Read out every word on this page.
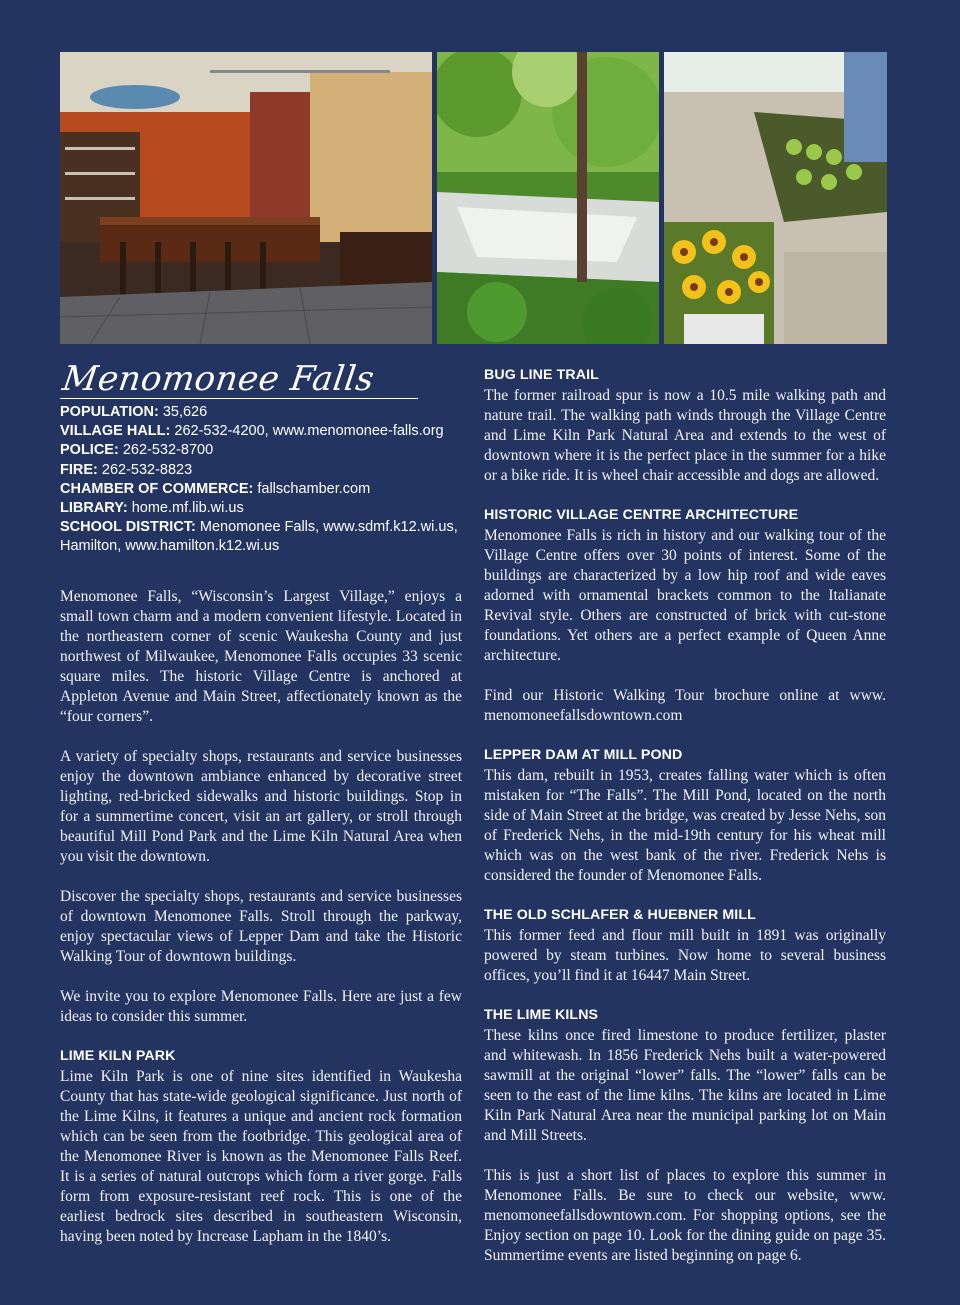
Menomonee Falls
POPULATION: 35,626
VILLAGE HALL: 262-532-4200, www.menomonee-falls.org
POLICE: 262-532-8700
FIRE: 262-532-8823
CHAMBER OF COMMERCE: fallschamber.com
LIBRARY: home.mf.lib.wi.us
SCHOOL DISTRICT: Menomonee Falls, www.sdmf.k12.wi.us, Hamilton, www.hamilton.k12.wi.us

Menomonee Falls, “Wisconsin’s Largest Village,” enjoys a small town charm and a modern convenient lifestyle. Located in the northeastern corner of scenic Waukesha County and just northwest of Milwaukee, Menomonee Falls occupies 33 scenic square miles. The historic Village Centre is anchored at Appleton Avenue and Main Street, affectionately known as the “four corners”.

A variety of specialty shops, restaurants and service businesses enjoy the downtown ambiance enhanced by decorative street lighting, red-bricked sidewalks and historic buildings. Stop in for a summertime concert, visit an art gallery, or stroll through beautiful Mill Pond Park and the Lime Kiln Natural Area when you visit the downtown.

Discover the specialty shops, restaurants and service businesses of downtown Menomonee Falls. Stroll through the parkway, enjoy spectacular views of Lepper Dam and take the Historic Walking Tour of downtown buildings.

We invite you to explore Menomonee Falls. Here are just a few ideas to consider this summer.

LIME KILN PARK

Lime Kiln Park is one of nine sites identified in Waukesha County that has state-wide geological significance. Just north of the Lime Kilns, it features a unique and ancient rock formation which can be seen from the footbridge. This geological area of the Menomonee River is known as the Menomonee Falls Reef. It is a series of natural outcrops which form a river gorge. Falls form from exposure-resistant reef rock. This is one of the earliest bedrock sites described in southeastern Wisconsin, having been noted by Increase Lapham in the 1840’s.

BUG LINE TRAIL

The former railroad spur is now a 10.5 mile walking path and nature trail. The walking path winds through the Village Centre and Lime Kiln Park Natural Area and extends to the west of downtown where it is the perfect place in the summer for a hike or a bike ride. It is wheel chair accessible and dogs are allowed.

HISTORIC VILLAGE CENTRE ARCHITECTURE

Menomonee Falls is rich in history and our walking tour of the Village Centre offers over 30 points of interest. Some of the buildings are characterized by a low hip roof and wide eaves adorned with ornamental brackets common to the Italianate Revival style. Others are constructed of brick with cut-stone foundations. Yet others are a perfect example of Queen Anne architecture.

Find our Historic Walking Tour brochure online at www. menomoneefallsdowntown.com

LEPPER DAM AT MILL POND

This dam, rebuilt in 1953, creates falling water which is often mistaken for “The Falls”. The Mill Pond, located on the north side of Main Street at the bridge, was created by Jesse Nehs, son of Frederick Nehs, in the mid-19th century for his wheat mill which was on the west bank of the river. Frederick Nehs is considered the founder of Menomonee Falls.

THE OLD SCHLAFER & HUEBNER MILL

This former feed and flour mill built in 1891 was originally powered by steam turbines. Now home to several business offices, you’ll find it at 16447 Main Street.

THE LIME KILNS

These kilns once fired limestone to produce fertilizer, plaster and whitewash. In 1856 Frederick Nehs built a water-powered sawmill at the original “lower” falls. The “lower” falls can be seen to the east of the lime kilns. The kilns are located in Lime Kiln Park Natural Area near the municipal parking lot on Main and Mill Streets.

This is just a short list of places to explore this summer in Menomonee Falls. Be sure to check our website, www. menomoneefallsdowntown.com. For shopping options, see the Enjoy section on page 10. Look for the dining guide on page 35. Summertime events are listed beginning on page 6.
